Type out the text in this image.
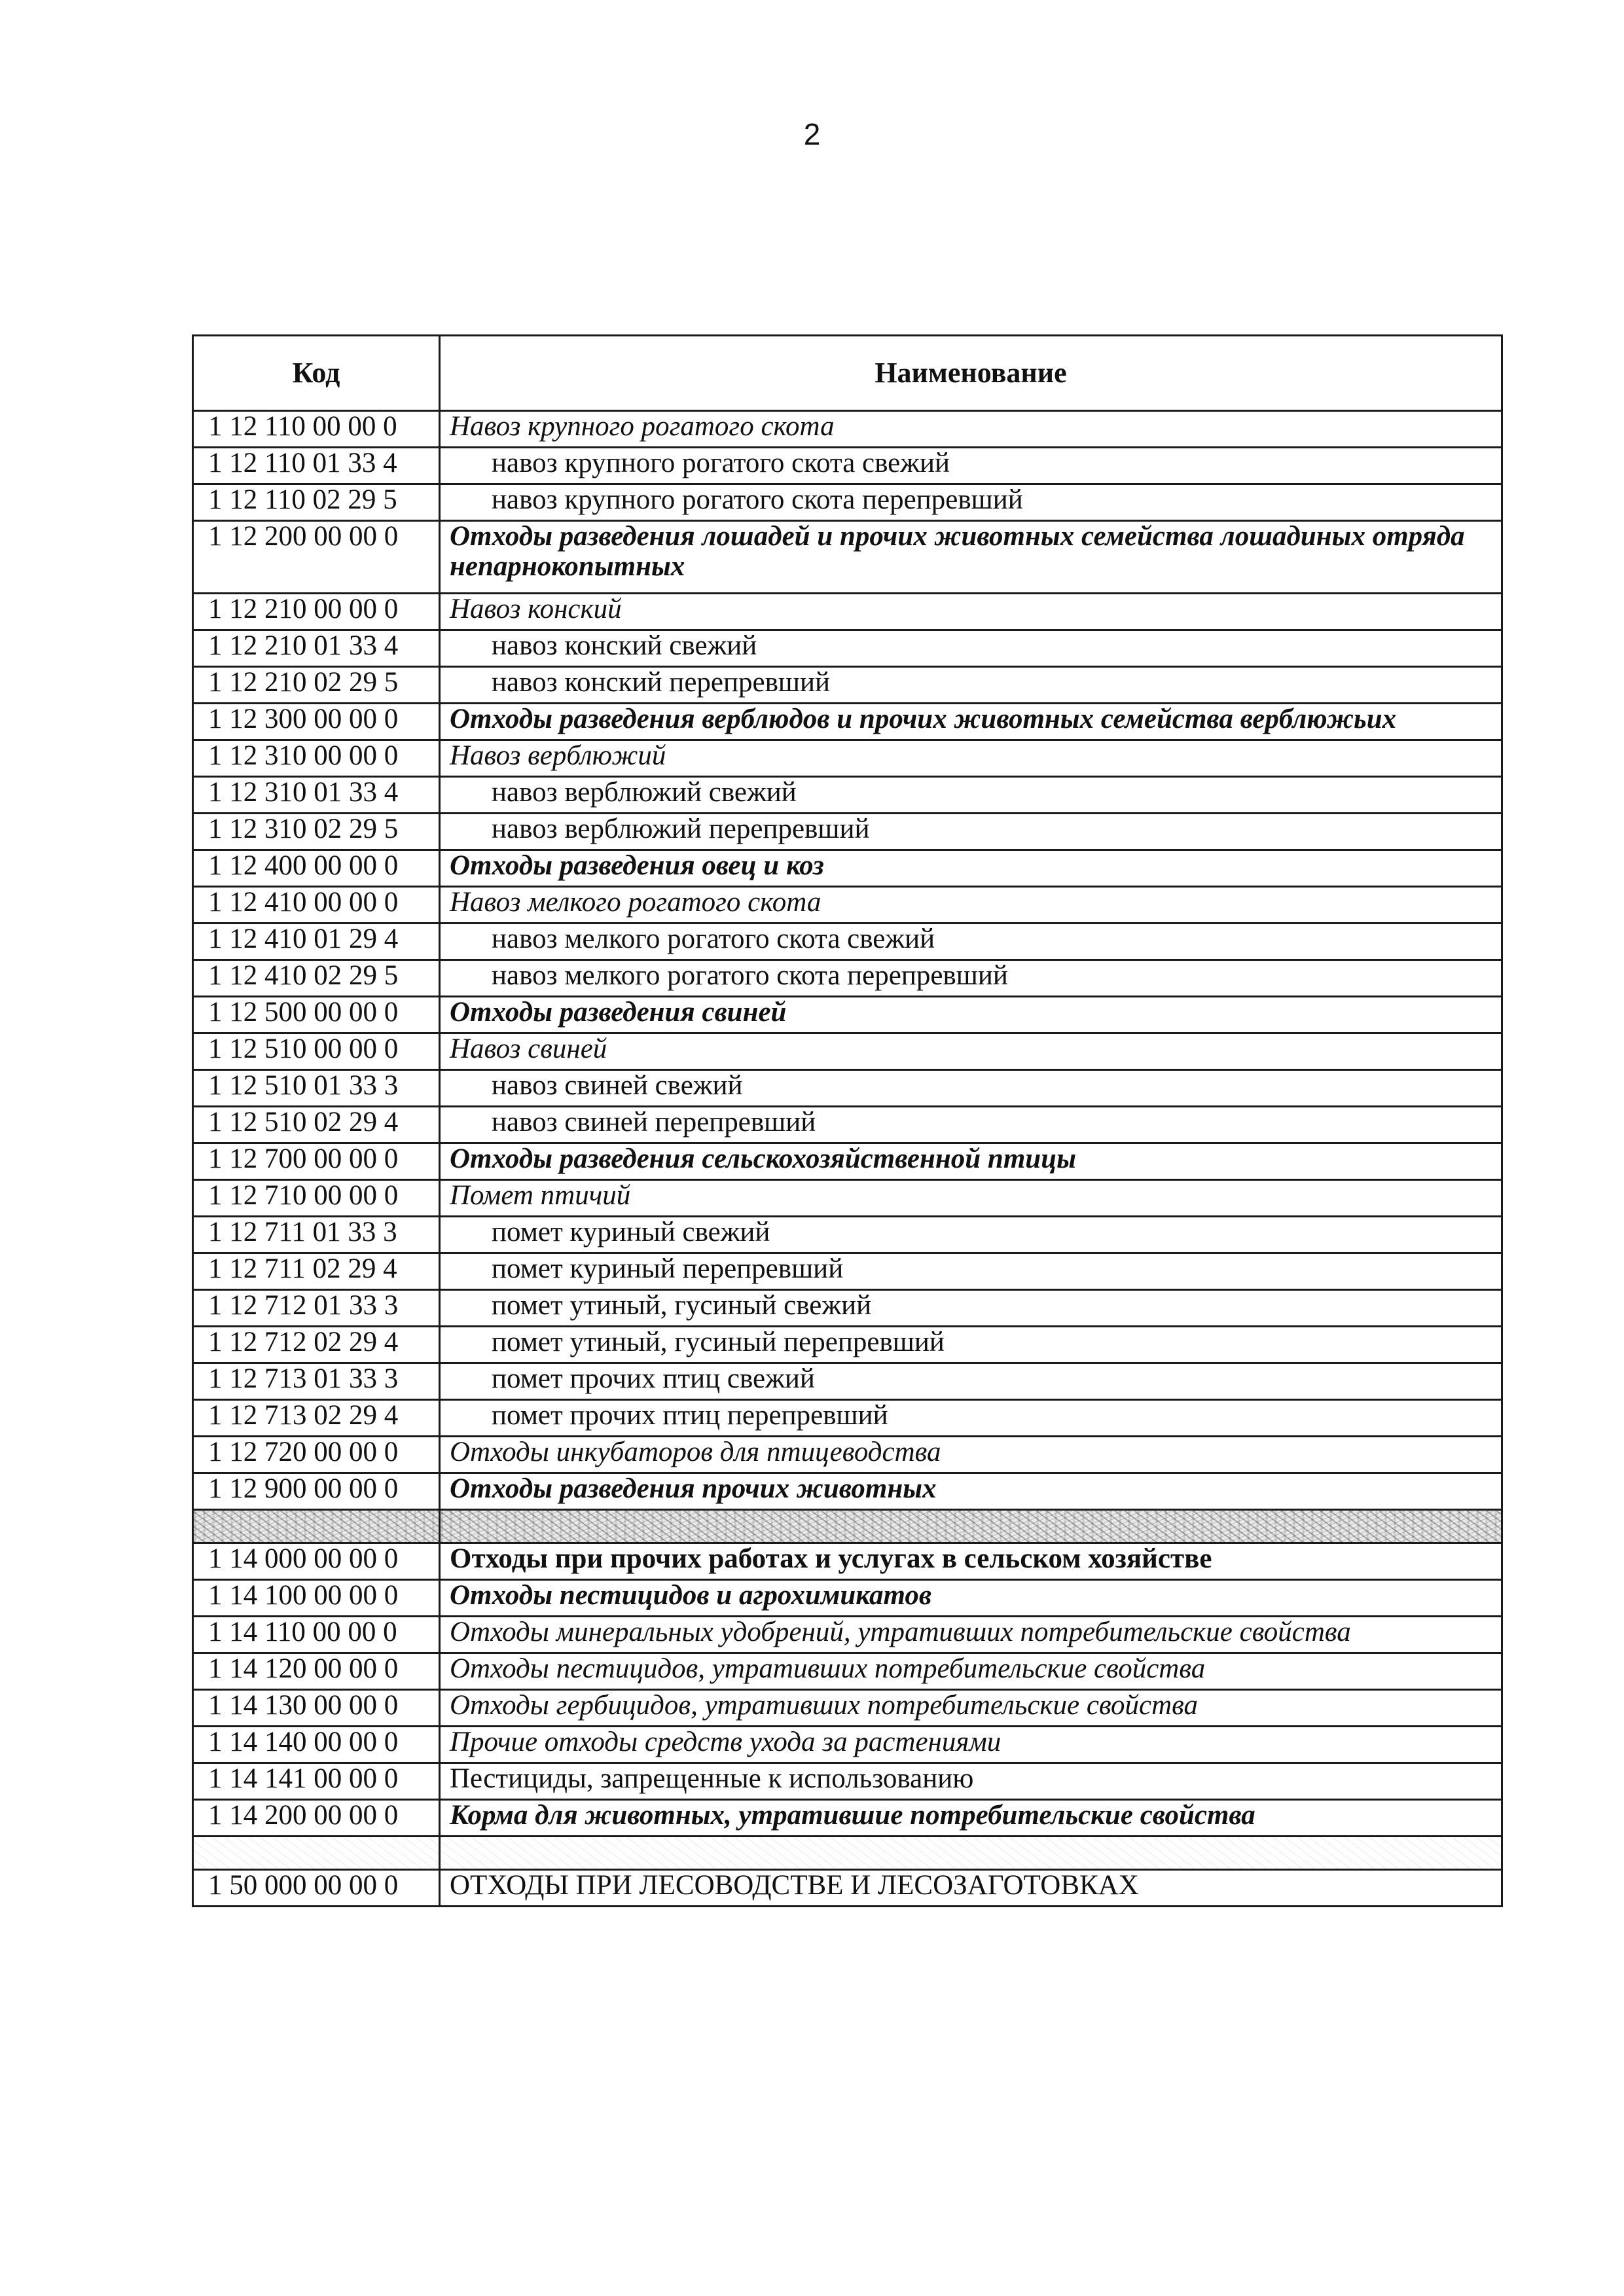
2
Код	Наименование
1 12 110 00 00 0	Навоз крупного рогатого скота
1 12 110 01 33 4	навоз крупного рогатого скота свежий
1 12 110 02 29 5	навоз крупного рогатого скота перепревший
1 12 200 00 00 0	Отходы разведения лошадей и прочих животных семейства лошадиных отряда непарнокопытных
1 12 210 00 00 0	Навоз конский
1 12 210 01 33 4	навоз конский свежий
1 12 210 02 29 5	навоз конский перепревший
1 12 300 00 00 0	Отходы разведения верблюдов и прочих животных семейства верблюжьих
1 12 310 00 00 0	Навоз верблюжий
1 12 310 01 33 4	навоз верблюжий свежий
1 12 310 02 29 5	навоз верблюжий перепревший
1 12 400 00 00 0	Отходы разведения овец и коз
1 12 410 00 00 0	Навоз мелкого рогатого скота
1 12 410 01 29 4	навоз мелкого рогатого скота свежий
1 12 410 02 29 5	навоз мелкого рогатого скота перепревший
1 12 500 00 00 0	Отходы разведения свиней
1 12 510 00 00 0	Навоз свиней
1 12 510 01 33 3	навоз свиней свежий
1 12 510 02 29 4	навоз свиней перепревший
1 12 700 00 00 0	Отходы разведения сельскохозяйственной птицы
1 12 710 00 00 0	Помет птичий
1 12 711 01 33 3	помет куриный свежий
1 12 711 02 29 4	помет куриный перепревший
1 12 712 01 33 3	помет утиный, гусиный свежий
1 12 712 02 29 4	помет утиный, гусиный перепревший
1 12 713 01 33 3	помет прочих птиц свежий
1 12 713 02 29 4	помет прочих птиц перепревший
1 12 720 00 00 0	Отходы инкубаторов для птицеводства
1 12 900 00 00 0	Отходы разведения прочих животных

1 14 000 00 00 0	Отходы при прочих работах и услугах в сельском хозяйстве
1 14 100 00 00 0	Отходы пестицидов и агрохимикатов
1 14 110 00 00 0	Отходы минеральных удобрений, утративших потребительские свойства
1 14 120 00 00 0	Отходы пестицидов, утративших потребительские свойства
1 14 130 00 00 0	Отходы гербицидов, утративших потребительские свойства
1 14 140 00 00 0	Прочие отходы средств ухода за растениями
1 14 141 00 00 0	Пестициды, запрещенные к использованию
1 14 200 00 00 0	Корма для животных, утратившие потребительские свойства

1 50 000 00 00 0	ОТХОДЫ ПРИ ЛЕСОВОДСТВЕ И ЛЕСОЗАГОТОВКАХ
